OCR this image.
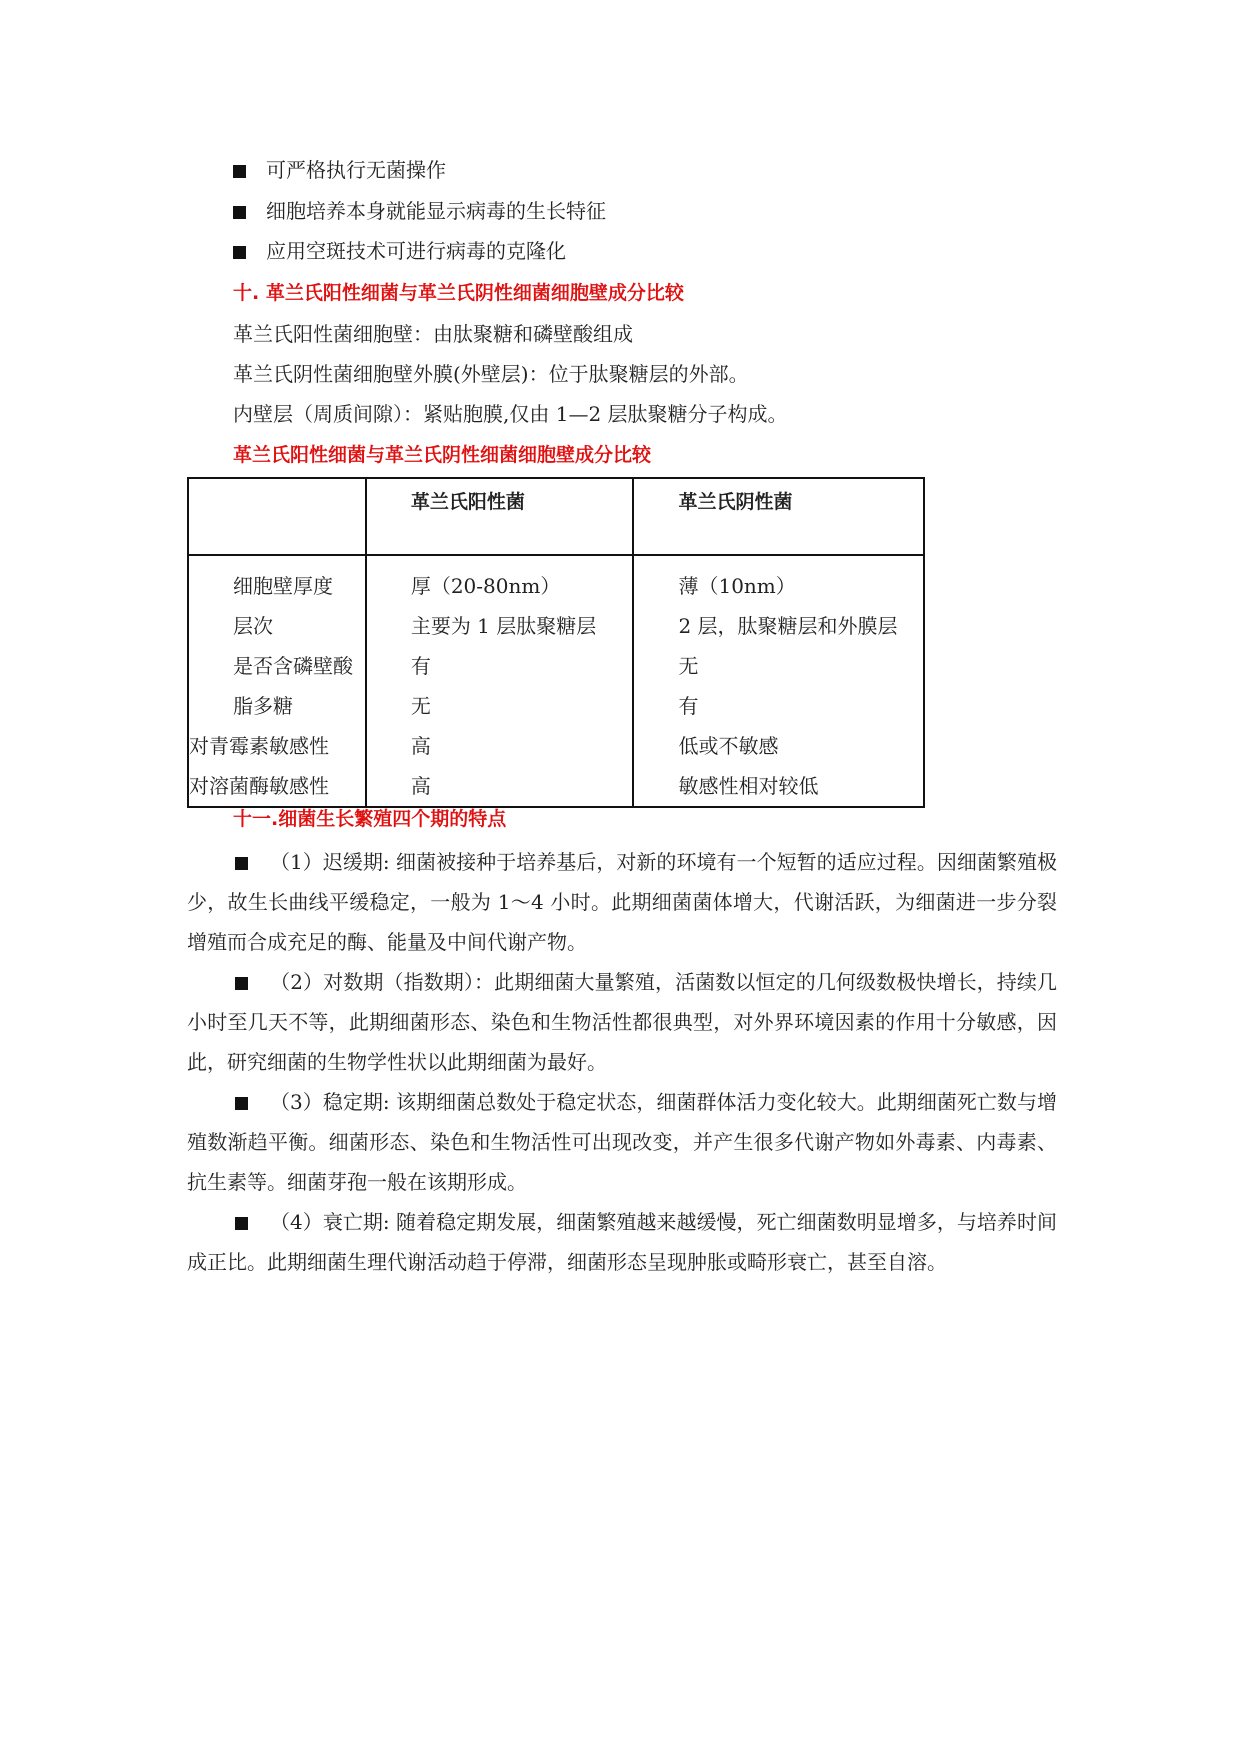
可严格执行无菌操作
细胞培养本身就能显示病毒的生长特征
应用空斑技术可进行病毒的克隆化
十. 革兰氏阳性细菌与革兰氏阴性细菌细胞壁成分比较
革兰氏阳性菌细胞壁：由肽聚糖和磷壁酸组成
革兰氏阴性菌细胞壁外膜(外壁层)：位于肽聚糖层的外部。
内壁层（周质间隙）：紧贴胞膜,仅由 1—2 层肽聚糖分子构成。
革兰氏阳性细菌与革兰氏阴性细菌细胞壁成分比较

	革兰氏阳性菌	革兰氏阴性菌

细胞壁厚度	厚（20-80nm）	薄（10nm）
层次	主要为 1 层肽聚糖层	2 层，肽聚糖层和外膜层
是否含磷壁酸	有	无
脂多糖	无	有
对青霉素敏感性	高	低或不敏感
对溶菌酶敏感性	高	敏感性相对较低
十一.细菌生长繁殖四个期的特点
（1）迟缓期: 细菌被接种于培养基后，对新的环境有一个短暂的适应过程。因细菌繁殖极少，故生长曲线平缓稳定，一般为 1～4 小时。此期细菌菌体增大，代谢活跃，为细菌进一步分裂增殖而合成充足的酶、能量及中间代谢产物。
（2）对数期（指数期）：此期细菌大量繁殖，活菌数以恒定的几何级数极快增长，持续几小时至几天不等，此期细菌形态、染色和生物活性都很典型，对外界环境因素的作用十分敏感，因此，研究细菌的生物学性状以此期细菌为最好。
（3）稳定期: 该期细菌总数处于稳定状态，细菌群体活力变化较大。此期细菌死亡数与增殖数渐趋平衡。细菌形态、染色和生物活性可出现改变，并产生很多代谢产物如外毒素、内毒素、抗生素等。细菌芽孢一般在该期形成。
（4）衰亡期: 随着稳定期发展，细菌繁殖越来越缓慢，死亡细菌数明显增多，与培养时间成正比。此期细菌生理代谢活动趋于停滞，细菌形态呈现肿胀或畸形衰亡，甚至自溶。
